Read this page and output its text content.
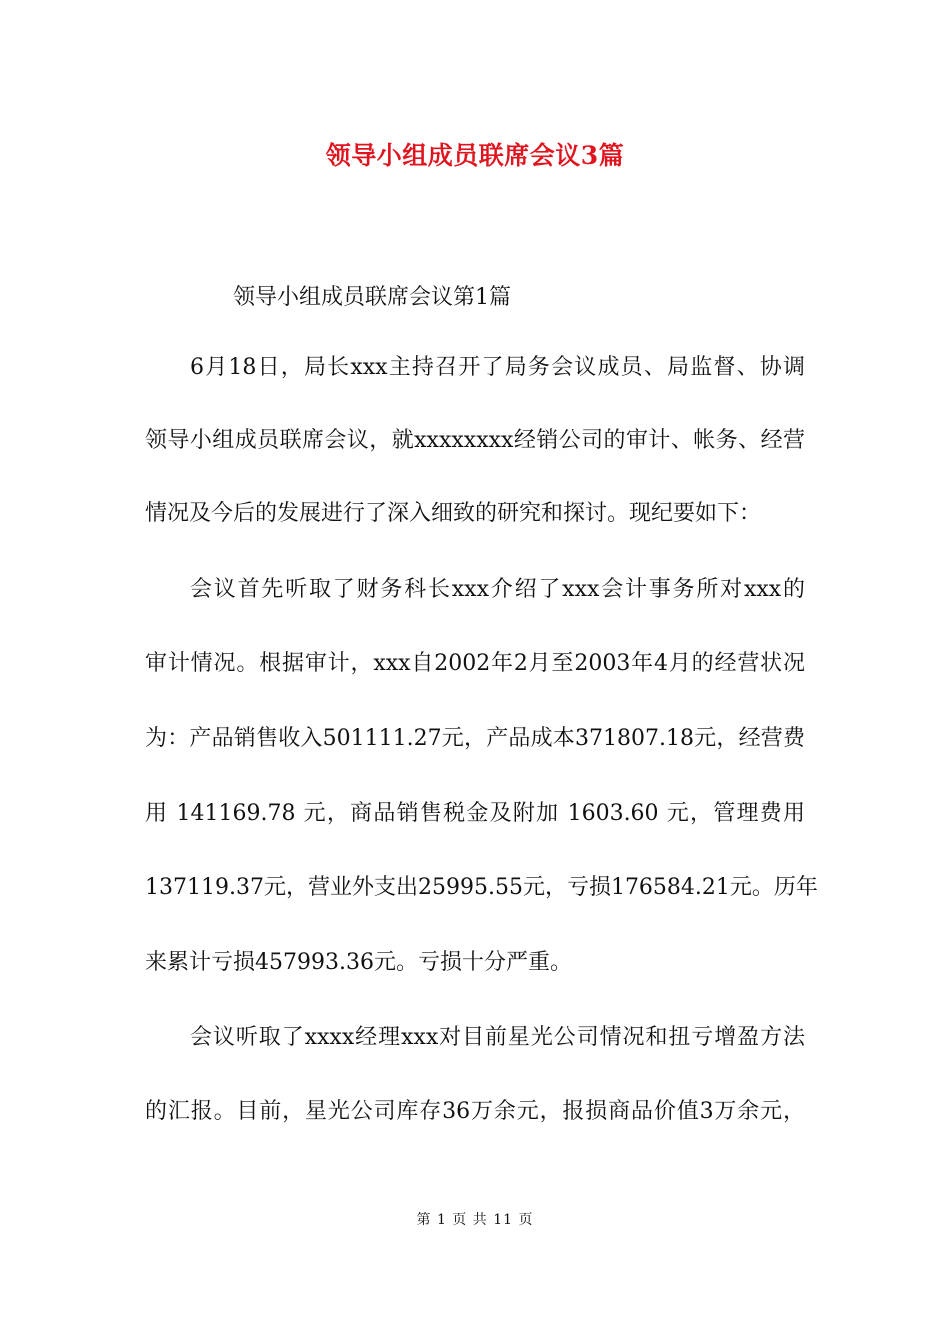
领导小组成员联席会议3篇
领导小组成员联席会议第1篇

6月18日，局长xxx主持召开了局务会议成员、局监督、协调

领导小组成员联席会议，就xxxxxxxx经销公司的审计、帐务、经营

情况及今后的发展进行了深入细致的研究和探讨。现纪要如下：

会议首先听取了财务科长xxx介绍了xxx会计事务所对xxx的

审计情况。根据审计，xxx自2002年2月至2003年4月的经营状况

为：产品销售收入501111.27元，产品成本371807.18元，经营费

用 141169.78 元，商品销售税金及附加 1603.60 元，管理费用

137119.37元，营业外支出25995.55元，亏损176584.21元。历年

来累计亏损457993.36元。亏损十分严重。

会议听取了xxxx经理xxx对目前星光公司情况和扭亏增盈方法

的汇报。目前，星光公司库存36万余元，报损商品价值3万余元，

第 1 页 共 11 页
